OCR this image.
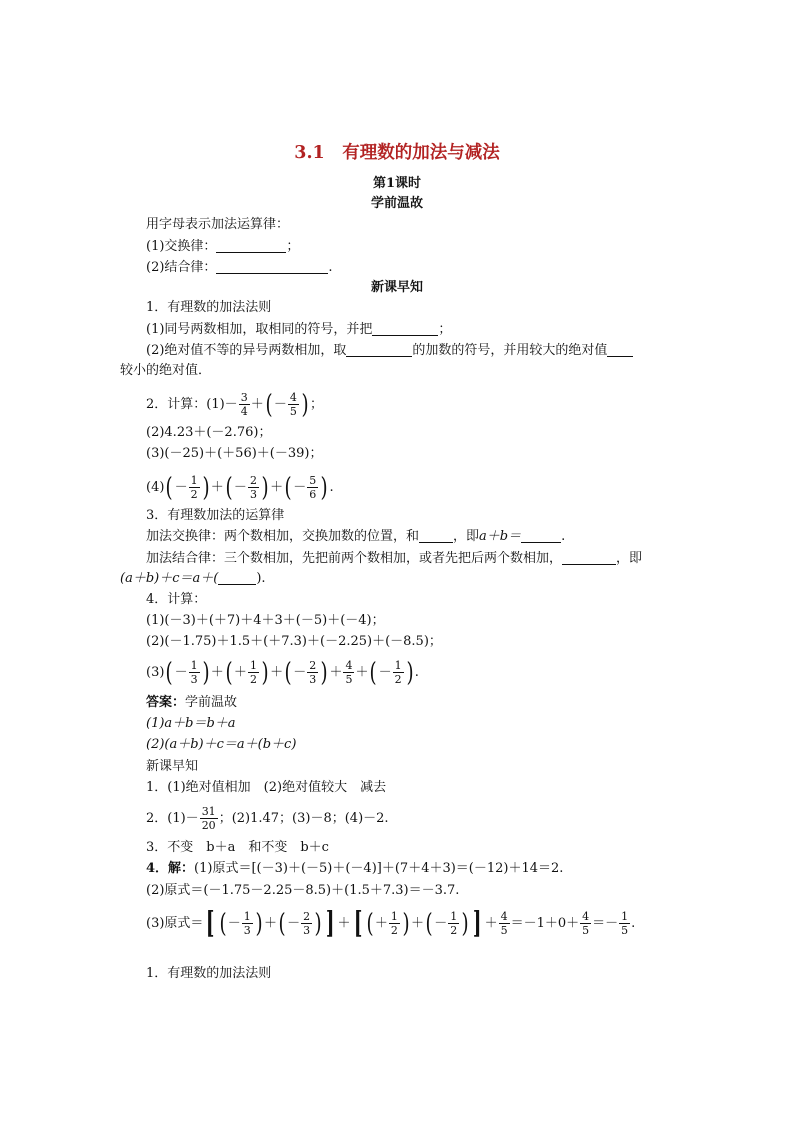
3.1　有理数的加法与减法
第1课时
学前温故
用字母表示加法运算律：
(1)交换律：	；
(2)结合律：	.
新课早知
1．有理数的加法法则
(1)同号两数相加，取相同的符号，并把	；
(2)绝对值不等的异号两数相加，取	的加数的符号，并用较大的绝对值
较小的绝对值．
2．计算：$(1)- \frac{3}{4}$ ＋( － $\frac{4}{5}$ ) ；
(2)4.23＋(－2.76)；
(3)(－25)＋(＋56)＋(－39)；
$(4)( - \frac{1}{2}$ ) ＋( － $\frac{2}{3}$ ) ＋( － $\frac{5}{6}$ ) .
3．有理数加法的运算律
加法交换律：两个数相加，交换加数的位置，和	，即a＋b＝	.
加法结合律：三个数相加，先把前两个数相加，或者先把后两个数相加，	，即
(a＋b)＋c＝a＋(	).
4．计算：
(1)(－3)＋(＋7)＋4＋3＋(－5)＋(－4)；
(2)(－1.75)＋1.5＋(＋7.3)＋(－2.25)＋(－8.5)；
$(3)( - \frac{1}{3}$ ) ＋( ＋ $\frac{1}{2}$ ) ＋( － $\frac{2}{3}$ ) ＋ $\frac{4}{5}$ ＋( － $\frac{1}{2}$ ) .
答案：学前温故
(1)a＋b＝b＋a
(2)(a＋b)＋c＝a＋(b＋c)
新课早知
1．(1)绝对值相加　(2)绝对值较大　减去
2．$(1)- \frac{31}{20}$ ；(2)1.47；(3)－8；(4)－2.
3．不变　b＋a　和不变　b＋c
4．解：(1)原式＝[(－3)＋(－5)＋(－4)]＋(7＋4＋3)＝(－12)＋14＝2.
(2)原式＝(－1.75－2.25－8.5)＋(1.5＋7.3)＝－3.7.
(3)原式＝[ ( － $\frac{1}{3}$ ) ＋( － $\frac{2}{3}$ ) ] ＋[ ( ＋ $\frac{1}{2}$ ) ＋( － $\frac{1}{2}$ ) ] ＋ $\frac{4}{5} =-1+0+ \frac{4}{5} =- \frac{1}{5}$ .
1．有理数的加法法则
